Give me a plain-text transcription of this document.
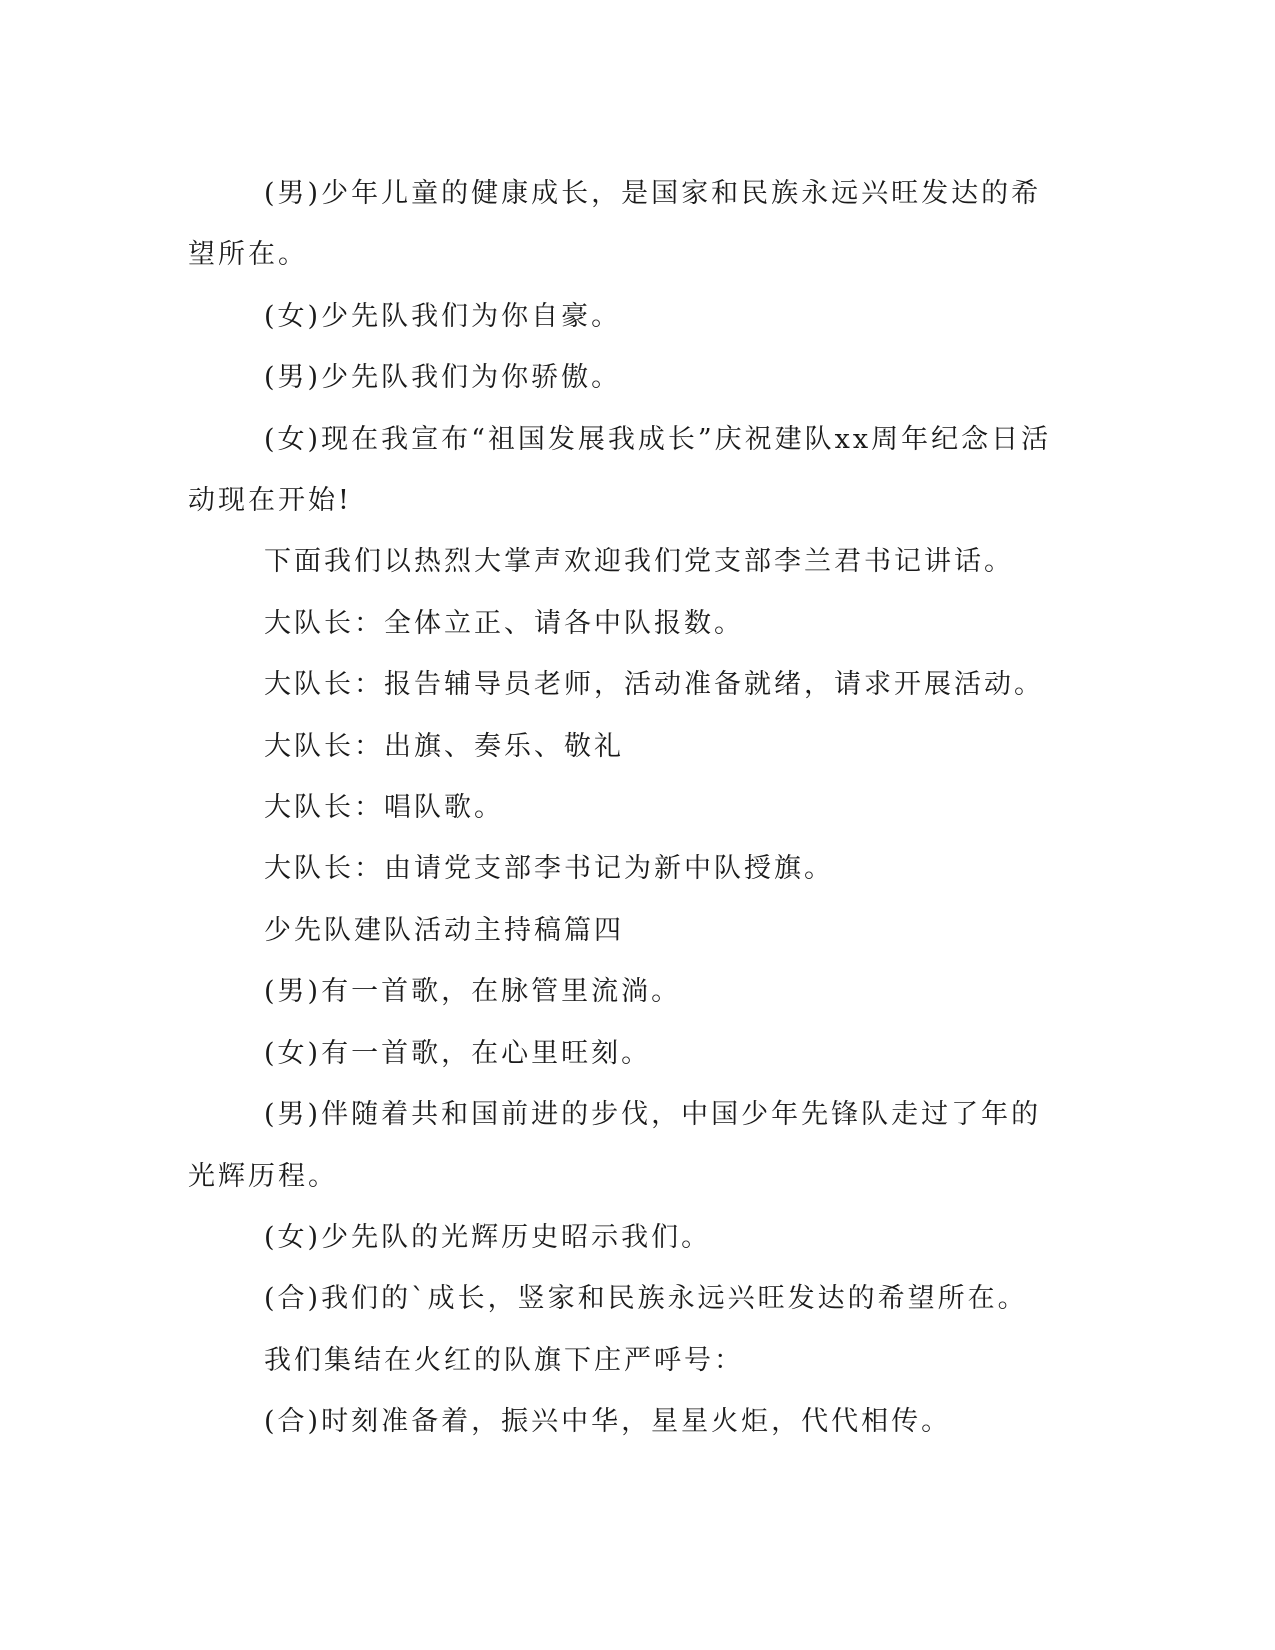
(男)少年儿童的健康成长，是国家和民族永远兴旺发达的希望所在。

(女)少先队我们为你自豪。

(男)少先队我们为你骄傲。

(女)现在我宣布“祖国发展我成长”庆祝建队xx周年纪念日活动现在开始!

下面我们以热烈大掌声欢迎我们党支部李兰君书记讲话。

大队长：全体立正、请各中队报数。

大队长：报告辅导员老师，活动准备就绪，请求开展活动。

大队长：出旗、奏乐、敬礼

大队长：唱队歌。

大队长：由请党支部李书记为新中队授旗。

少先队建队活动主持稿篇四

(男)有一首歌，在脉管里流淌。

(女)有一首歌，在心里旺刻。

(男)伴随着共和国前进的步伐，中国少年先锋队走过了年的光辉历程。

(女)少先队的光辉历史昭示我们。

(合)我们的`成长，竖家和民族永远兴旺发达的希望所在。

我们集结在火红的队旗下庄严呼号：

(合)时刻准备着，振兴中华，星星火炬，代代相传。
